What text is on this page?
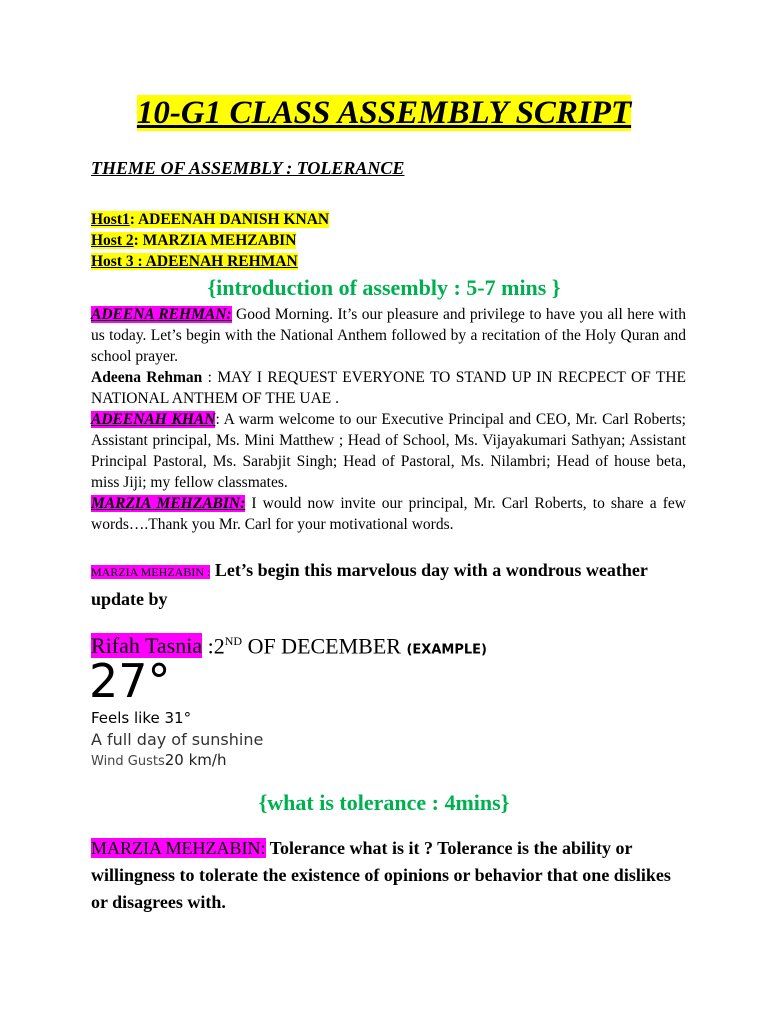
10-G1 CLASS ASSEMBLY SCRIPT
THEME OF ASSEMBLY : TOLERANCE
Host1: ADEENAH DANISH KNAN
Host 2: MARZIA MEHZABIN
Host 3 : ADEENAH REHMAN
{introduction of assembly : 5-7 mins }
ADEENA REHMAN: Good Morning. It’s our pleasure and privilege to have you all here with us today. Let’s begin with the National Anthem followed by a recitation of the Holy Quran and school prayer.
Adeena Rehman : MAY I REQUEST EVERYONE TO STAND UP IN RECPECT OF THE NATIONAL ANTHEM OF THE UAE .
ADEENAH KHAN: A warm welcome to our Executive Principal and CEO, Mr. Carl Roberts; Assistant principal, Ms. Mini Matthew ; Head of School, Ms. Vijayakumari Sathyan; Assistant Principal Pastoral, Ms. Sarabjit Singh; Head of Pastoral, Ms. Nilambri; Head of house beta, miss Jiji; my fellow classmates.
MARZIA MEHZABIN: I would now invite our principal, Mr. Carl Roberts, to share a few words….Thank you Mr. Carl for your motivational words.
MARZIA MEHZABIN : Let’s begin this marvelous day with a wondrous weather update by
Rifah Tasnia :2ND OF DECEMBER (EXAMPLE)
27°
Feels like 31°
A full day of sunshine
Wind Gusts20 km/h
{what is tolerance : 4mins}
MARZIA MEHZABIN: Tolerance what is it ? Tolerance is the ability or willingness to tolerate the existence of opinions or behavior that one dislikes or disagrees with.
